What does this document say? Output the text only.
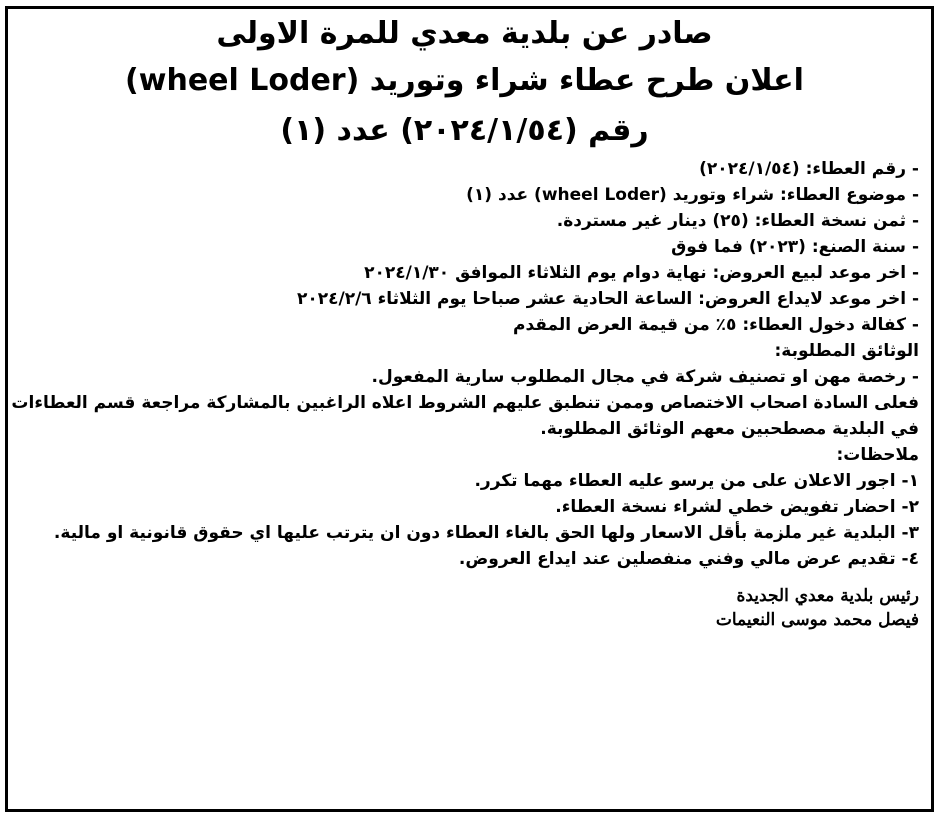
صادر عن بلدية معدي للمرة الاولى
اعلان طرح عطاء شراء وتوريد (wheel Loder)
رقم (٢٠٢٤/١/٥٤) عدد (١)
- رقم العطاء: (٢٠٢٤/١/٥٤)
- موضوع العطاء: شراء وتوريد (wheel Loder) عدد (١)
- ثمن نسخة العطاء: (٢٥) دينار غير مستردة.
- سنة الصنع: (٢٠٢٣) فما فوق
- اخر موعد لبيع العروض: نهاية دوام يوم الثلاثاء الموافق ٢٠٢٤/١/٣٠
- اخر موعد لايداع العروض: الساعة الحادية عشر صباحا يوم الثلاثاء ٢٠٢٤/٢/٦
- كفالة دخول العطاء: ٥٪ من قيمة العرض المقدم
الوثائق المطلوبة:
- رخصة مهن او تصنيف شركة في مجال المطلوب سارية المفعول.
فعلى السادة اصحاب الاختصاص وممن تنطبق عليهم الشروط اعلاه الراغبين بالمشاركة مراجعة قسم العطاءات في البلدية مصطحبين معهم الوثائق المطلوبة.
ملاحظات:
١- اجور الاعلان على من يرسو عليه العطاء مهما تكرر.
٢- احضار تفويض خطي لشراء نسخة العطاء.
٣- البلدية غير ملزمة بأقل الاسعار ولها الحق بالغاء العطاء دون ان يترتب عليها اي حقوق قانونية او مالية.
٤- تقديم عرض مالي وفني منفصلين عند ايداع العروض.
رئيس بلدية معدي الجديدة
فيصل محمد موسى النعيمات
